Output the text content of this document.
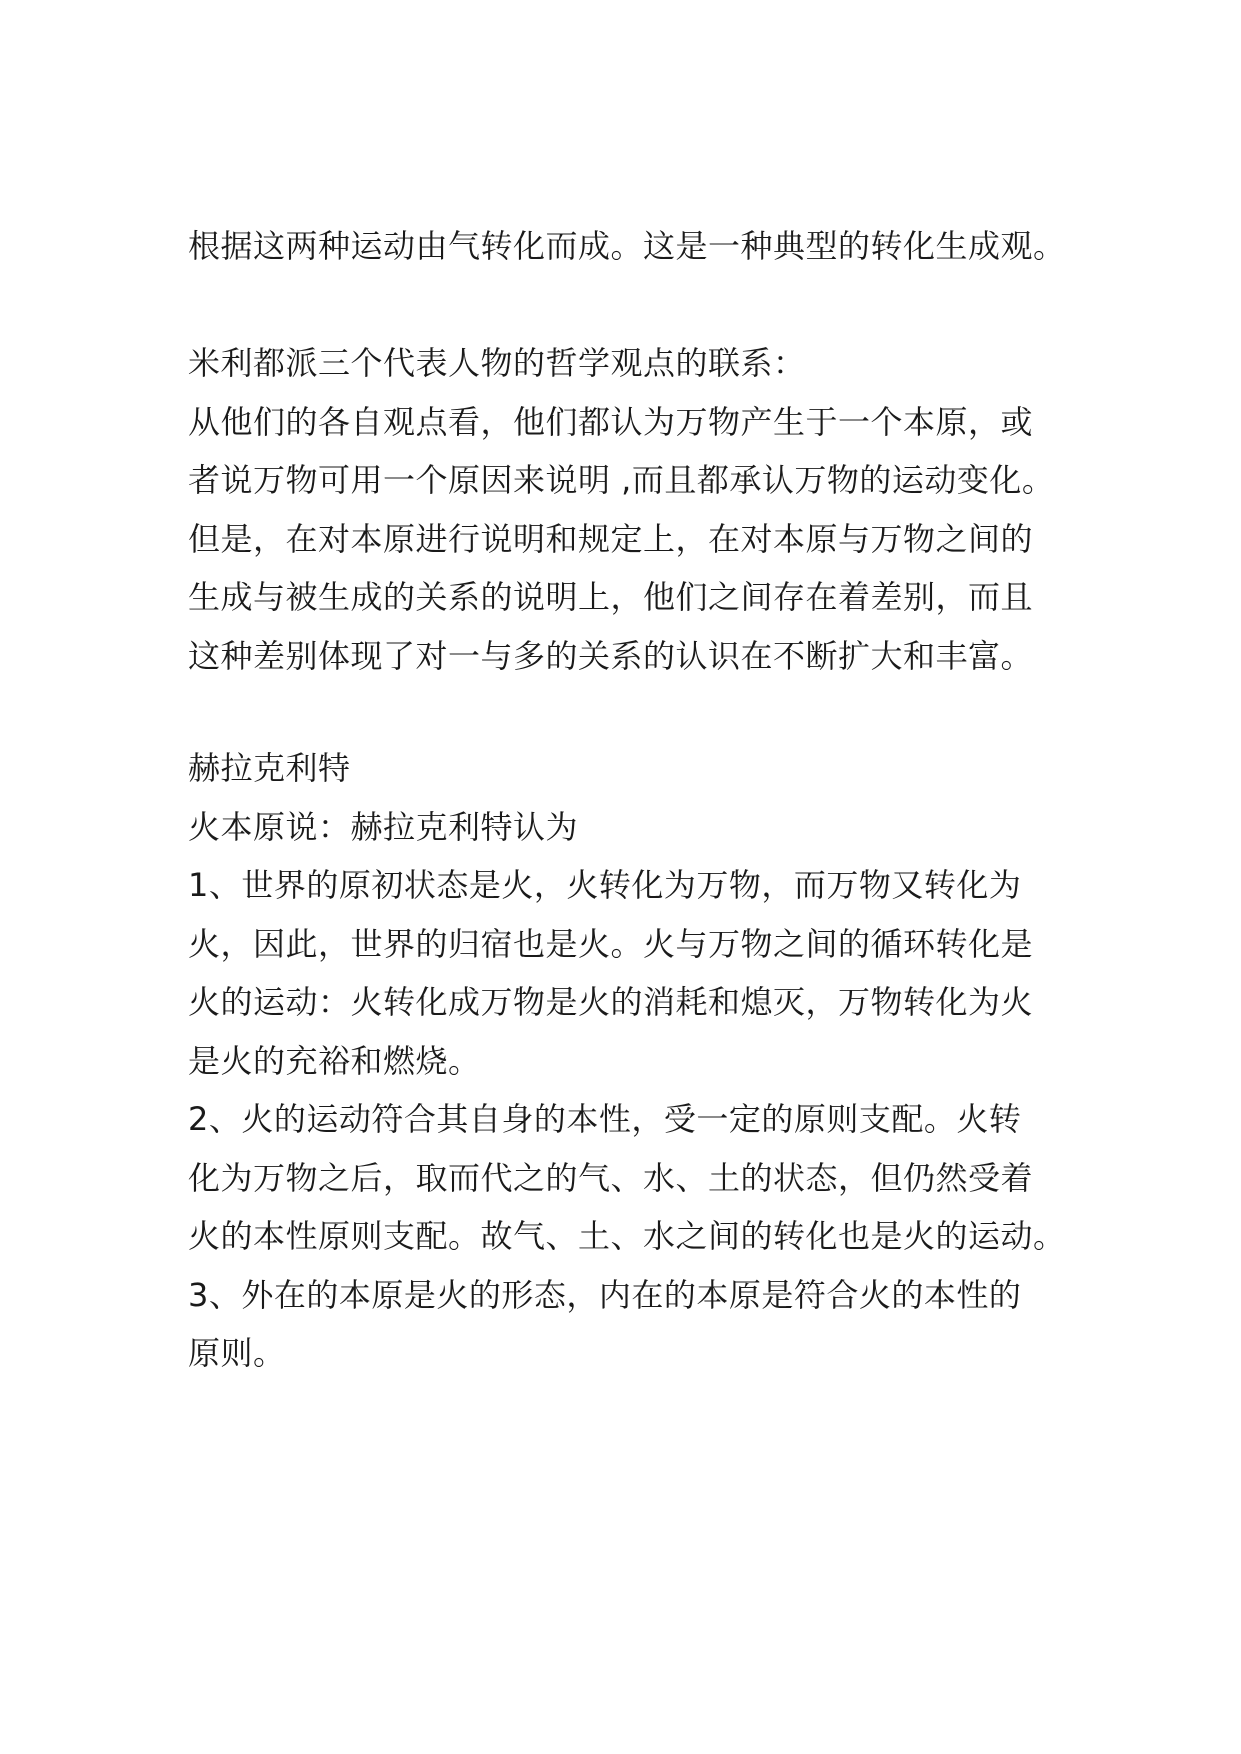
根据这两种运动由气转化而成。这是一种典型的转化生成观。
米利都派三个代表人物的哲学观点的联系：
从他们的各自观点看，他们都认为万物产生于一个本原，或
者说万物可用一个原因来说明 ,而且都承认万物的运动变化。
但是，在对本原进行说明和规定上，在对本原与万物之间的
生成与被生成的关系的说明上，他们之间存在着差别，而且
这种差别体现了对一与多的关系的认识在不断扩大和丰富。
赫拉克利特
火本原说：赫拉克利特认为
1、世界的原初状态是火，火转化为万物，而万物又转化为
火，因此，世界的归宿也是火。火与万物之间的循环转化是
火的运动：火转化成万物是火的消耗和熄灭，万物转化为火
是火的充裕和燃烧。
2、火的运动符合其自身的本性，受一定的原则支配。火转
化为万物之后，取而代之的气、水、土的状态，但仍然受着
火的本性原则支配。故气、土、水之间的转化也是火的运动。
3、外在的本原是火的形态，内在的本原是符合火的本性的
原则。
